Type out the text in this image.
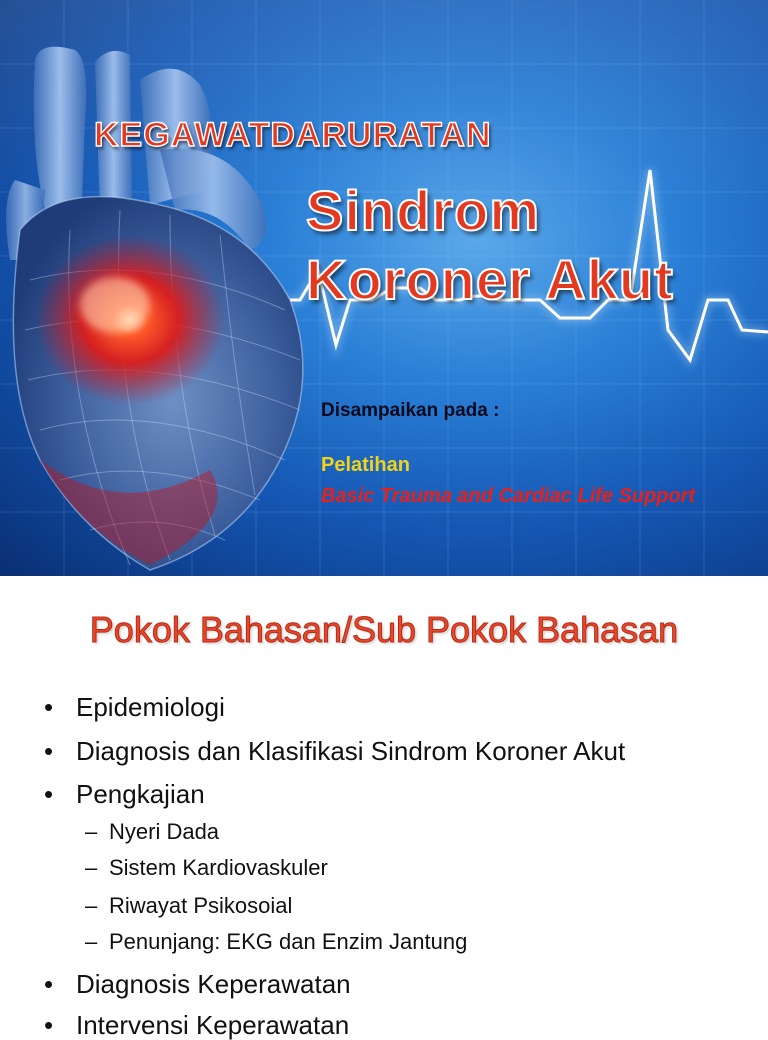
KEGAWATDARURATAN
Sindrom
Koroner Akut
Disampaikan pada :
Pelatihan
Basic Trauma and Cardiac Life Support
Pokok Bahasan/Sub Pokok Bahasan
• Epidemiologi
• Diagnosis dan Klasifikasi Sindrom Koroner Akut
• Pengkajian
– Nyeri Dada
– Sistem Kardiovaskuler
– Riwayat Psikosoial
– Penunjang: EKG dan Enzim Jantung
• Diagnosis Keperawatan
• Intervensi Keperawatan
